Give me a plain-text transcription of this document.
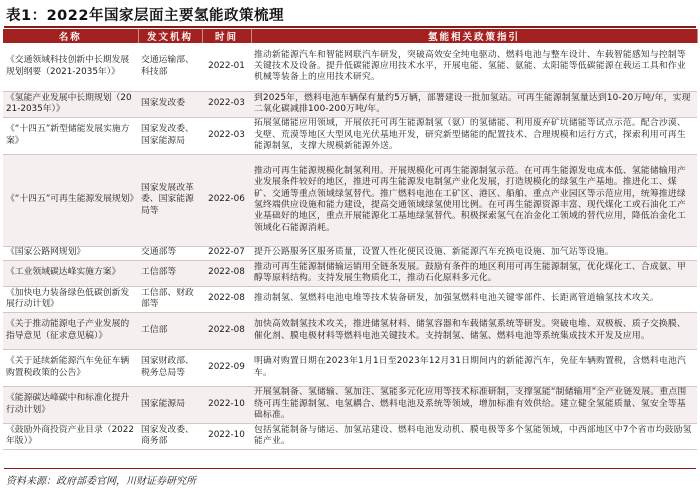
表1：2022年国家层面主要氢能政策梳理
名称	发文机构	时间	氢能相关政策指引
《交通领域科技创新中长期发展规划纲要（2021-2035年）》	交通运输部、科技部	2022-01	推动新能源汽车和智能网联汽车研发，突破高效安全纯电驱动、燃料电池与整车设计、车载智能感知与控制等关键技术及设备。提升低碳能源应用技术水平，开展电能、氢能、氨能、太阳能等低碳能源在载运工具和作业机械等装备上的应用技术研究。
《氢能产业发展中长期规划（2021-2035年）》	国家发改委	2022-03	到2025年，燃料电池车辆保有量约5万辆，部署建设一批加氢站。可再生能源制氢量达到10-20万吨/年，实现二氧化碳减排100-200万吨/年。
《“十四五”新型储能发展实施方案》	国家发改委、国家能源局	2022-03	拓展氢储能应用领域，开展依托可再生能源制氢（氨）的氢储能、利用废弃矿坑储能等试点示范。配合沙漠、戈壁、荒漠等地区大型风电光伏基地开发，研究新型储能的配置技术、合理规模和运行方式，探索利用可再生能源制氢，支撑大规模新能源外送。
《“十四五”可再生能源发展规划》	国家发展改革委、国家能源局等	2022-06	推动可再生能源规模化制氢利用。开展规模化可再生能源制氢示范。在可再生能源发电成本低、氢能储输用产业发展条件较好的地区，推进可再生能源发电制氢产业化发展，打造规模化的绿氢生产基地。推进化工、煤矿、交通等重点领域绿氢替代。推广燃料电池在工矿区、港区、船舶、重点产业园区等示范应用，统筹推进绿氢终端供应设施和能力建设，提高交通领域绿氢使用比例。在可再生能源资源丰富、现代煤化工或石油化工产业基础好的地区，重点开展能源化工基地绿氢替代。积极探索氢气在冶金化工领域的替代应用，降低冶金化工领域化石能源消耗。
《国家公路网规划》	交通部等	2022-07	提升公路服务区服务质量，设置人性化便民设施、新能源汽车充换电设施、加气站等设施。
《工业领域碳达峰实施方案》	工信部等	2022-08	推动可再生能源制储输运销用全链条发展。鼓励有条件的地区利用可再生能源制氢，优化煤化工、合成氨、甲醇等原料结构。支持发展生物质化工，推动石化原料多元化。
《加快电力装备绿色低碳创新发展行动计划》	工信部、财政部等	2022-08	推动制氢、氢燃料电池电堆等技术装备研发，加强氢燃料电池关键零部件、长距离管道输氢技术攻关。
《关于推动能源电子产业发展的指导意见（征求意见稿）》	工信部	2022-08	加快高效制氢技术攻关，推进储氢材料、储氢容器和车载储氢系统等研发。突破电堆、双极板、质子交换膜、催化剂、膜电极材料等燃料电池关键技术。支持制氢、储氢、燃料电池等系统集成技术开发及应用。
《关于延续新能源汽车免征车辆购置税政策的公告》	国家财政部、税务总局等	2022-09	明确对购置日期在2023年1月1日至2023年12月31日期间内的新能源汽车，免征车辆购置税，含燃料电池汽车。
《能源碳达峰碳中和标准化提升行动计划》	国家能源局	2022-10	开展氢制备、氢储输、氢加注、氢能多元化应用等技术标准研制，支撑氢能“制储输用”全产业链发展。重点围绕可再生能源制氢、电氢耦合、燃料电池及系统等领域，增加标准有效供给。建立健全氢能质量、氢安全等基础标准。
《鼓励外商投资产业目录（2022年版）》	国家发改委、商务部	2022-10	包括氢能制备与储运、加氢站建设、燃料电池发动机、膜电极等多个氢能领域，中西部地区中7个省市均鼓励氢能产业。
资料来源：政府部委官网，川财证券研究所
